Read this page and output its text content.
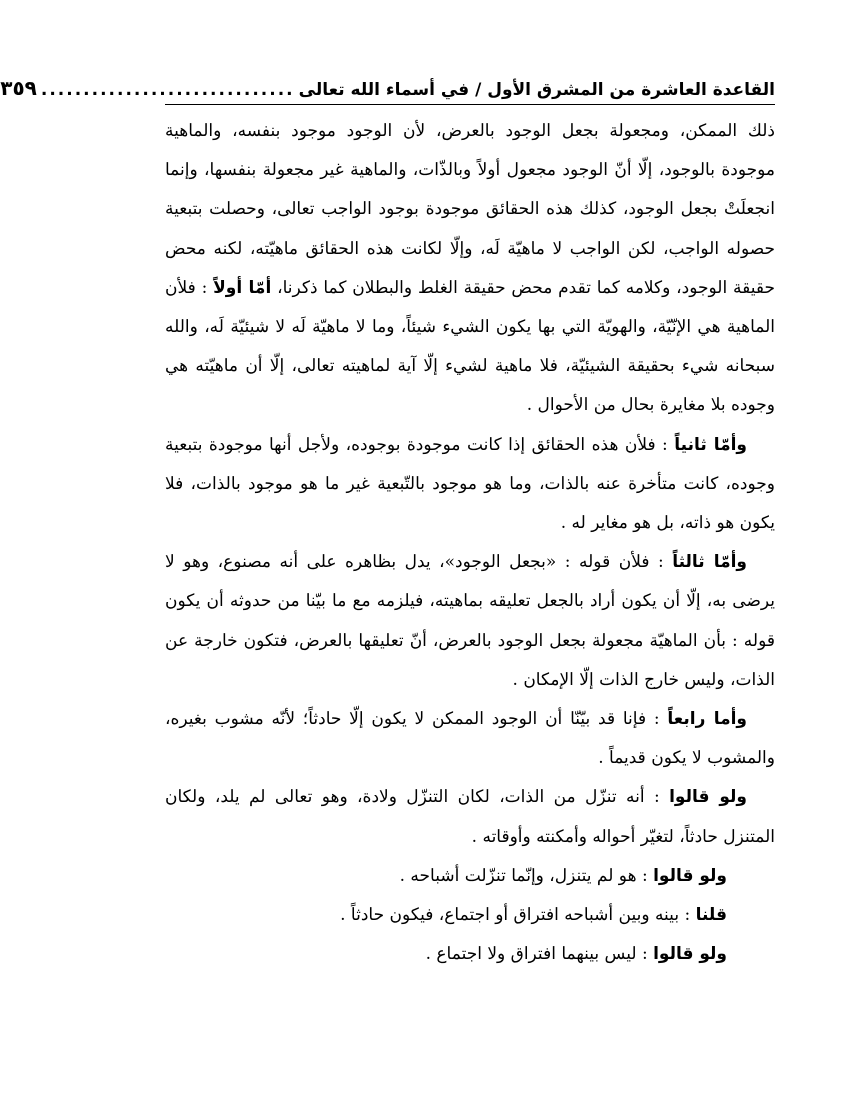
القاعدة العاشرة من المشرق الأول / في أسماء الله تعالى
..............................
٣٥٩

ذلك الممكن، ومجعولة بجعل الوجود بالعرض، لأن الوجود موجود بنفسه، والماهية موجودة بالوجود، إلّا أنّ الوجود مجعول أولاً وبالذّات، والماهية غير مجعولة بنفسها، وإنما انجعلَتْ بجعل الوجود، كذلك هذه الحقائق موجودة بوجود الواجب تعالى، وحصلت بتبعية حصوله الواجب، لكن الواجب لا ماهيّة لَه، وإلّا لكانت هذه الحقائق ماهيّته، لكنه محض حقيقة الوجود، وكلامه كما تقدم محض حقيقة الغلط والبطلان كما ذكرنا، أمّا أولاً : فلأن الماهية هي الإنّيّة، والهويّة التي بها يكون الشيء شيئاً، وما لا ماهيّة لَه لا شيئيّة لَه، والله سبحانه شيء بحقيقة الشيئيّة، فلا ماهية لشيء إلّا آية لماهيته تعالى، إلّا أن ماهيّته هي وجوده بلا مغايرة بحال من الأحوال .

وأمّا ثانياً : فلأن هذه الحقائق إذا كانت موجودة بوجوده، ولأجل أنها موجودة بتبعية وجوده، كانت متأخرة عنه بالذات، وما هو موجود بالتّبعية غير ما هو موجود بالذات، فلا يكون هو ذاته، بل هو مغاير له .

وأمّا ثالثاً : فلأن قوله : «بجعل الوجود»، يدل بظاهره على أنه مصنوع، وهو لا يرضى به، إلّا أن يكون أراد بالجعل تعليقه بماهيته، فيلزمه مع ما بيّنا من حدوثه أن يكون قوله : بأن الماهيّة مجعولة بجعل الوجود بالعرض، أنّ تعليقها بالعرض، فتكون خارجة عن الذات، وليس خارج الذات إلّا الإمكان .

وأما رابعاً : فإنا قد بيّنّا أن الوجود الممكن لا يكون إلّا حادثاً؛ لأنّه مشوب بغيره، والمشوب لا يكون قديماً .

ولو قالوا : أنه تنزّل من الذات، لكان التنزّل ولادة، وهو تعالى لم يلد، ولكان المتنزل حادثاً، لتغيّر أحواله وأمكنته وأوقاته .

ولو قالوا : هو لم يتنزل، وإنّما تنزّلت أشباحه .

قلنا : بينه وبين أشباحه افتراق أو اجتماع، فيكون حادثاً .

ولو قالوا : ليس بينهما افتراق ولا اجتماع .
